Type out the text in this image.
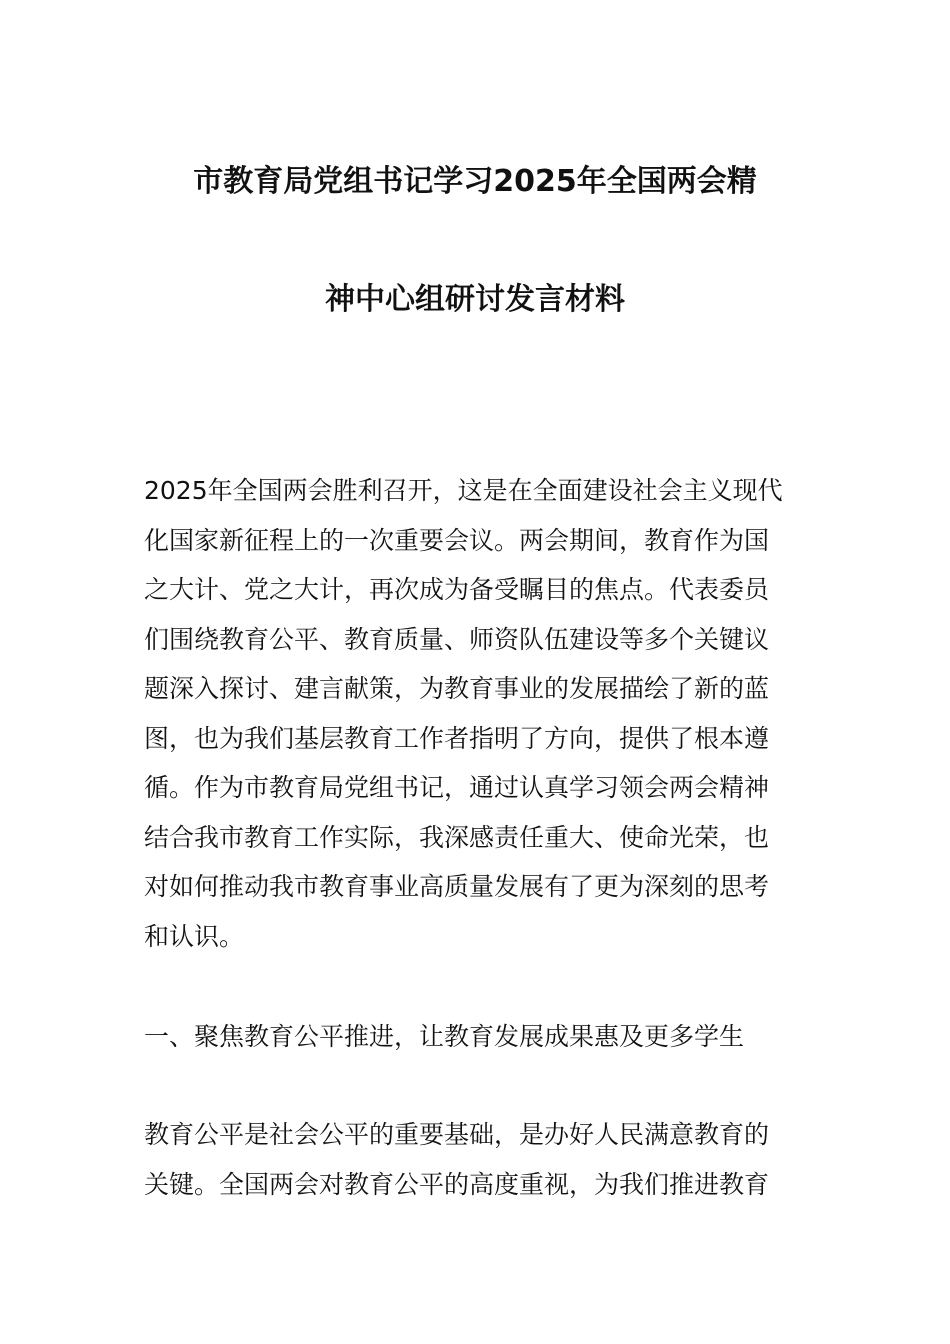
市教育局党组书记学习2025年全国两会精
神中心组研讨发言材料
2025年全国两会胜利召开，这是在全面建设社会主义现代
化国家新征程上的一次重要会议。两会期间，教育作为国
之大计、党之大计，再次成为备受瞩目的焦点。代表委员
们围绕教育公平、教育质量、师资队伍建设等多个关键议
题深入探讨、建言献策，为教育事业的发展描绘了新的蓝
图，也为我们基层教育工作者指明了方向，提供了根本遵
循。作为市教育局党组书记，通过认真学习领会两会精神
结合我市教育工作实际，我深感责任重大、使命光荣，也
对如何推动我市教育事业高质量发展有了更为深刻的思考
和认识。
一、聚焦教育公平推进，让教育发展成果惠及更多学生
教育公平是社会公平的重要基础，是办好人民满意教育的
关键。全国两会对教育公平的高度重视，为我们推进教育
